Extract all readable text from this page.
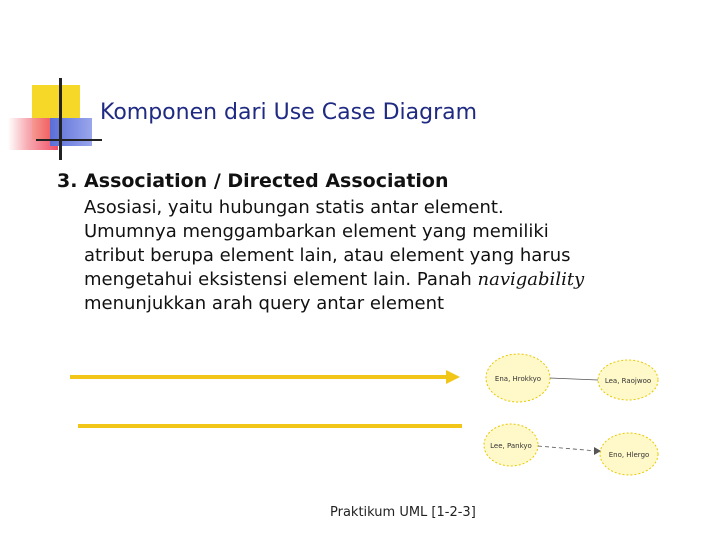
Komponen dari Use Case Diagram
3. Association / Directed Association
Asosiasi, yaitu hubungan statis antar element.
Umumnya menggambarkan element yang memiliki
atribut berupa element lain, atau element yang harus
mengetahui eksistensi element lain. Panah navigability
menunjukkan arah query antar element
Ena, Hrokkyo	Lea, Raojwoo
Lee, Pankyo
Eno, Hlergo
Praktikum UML [1-2-3]
